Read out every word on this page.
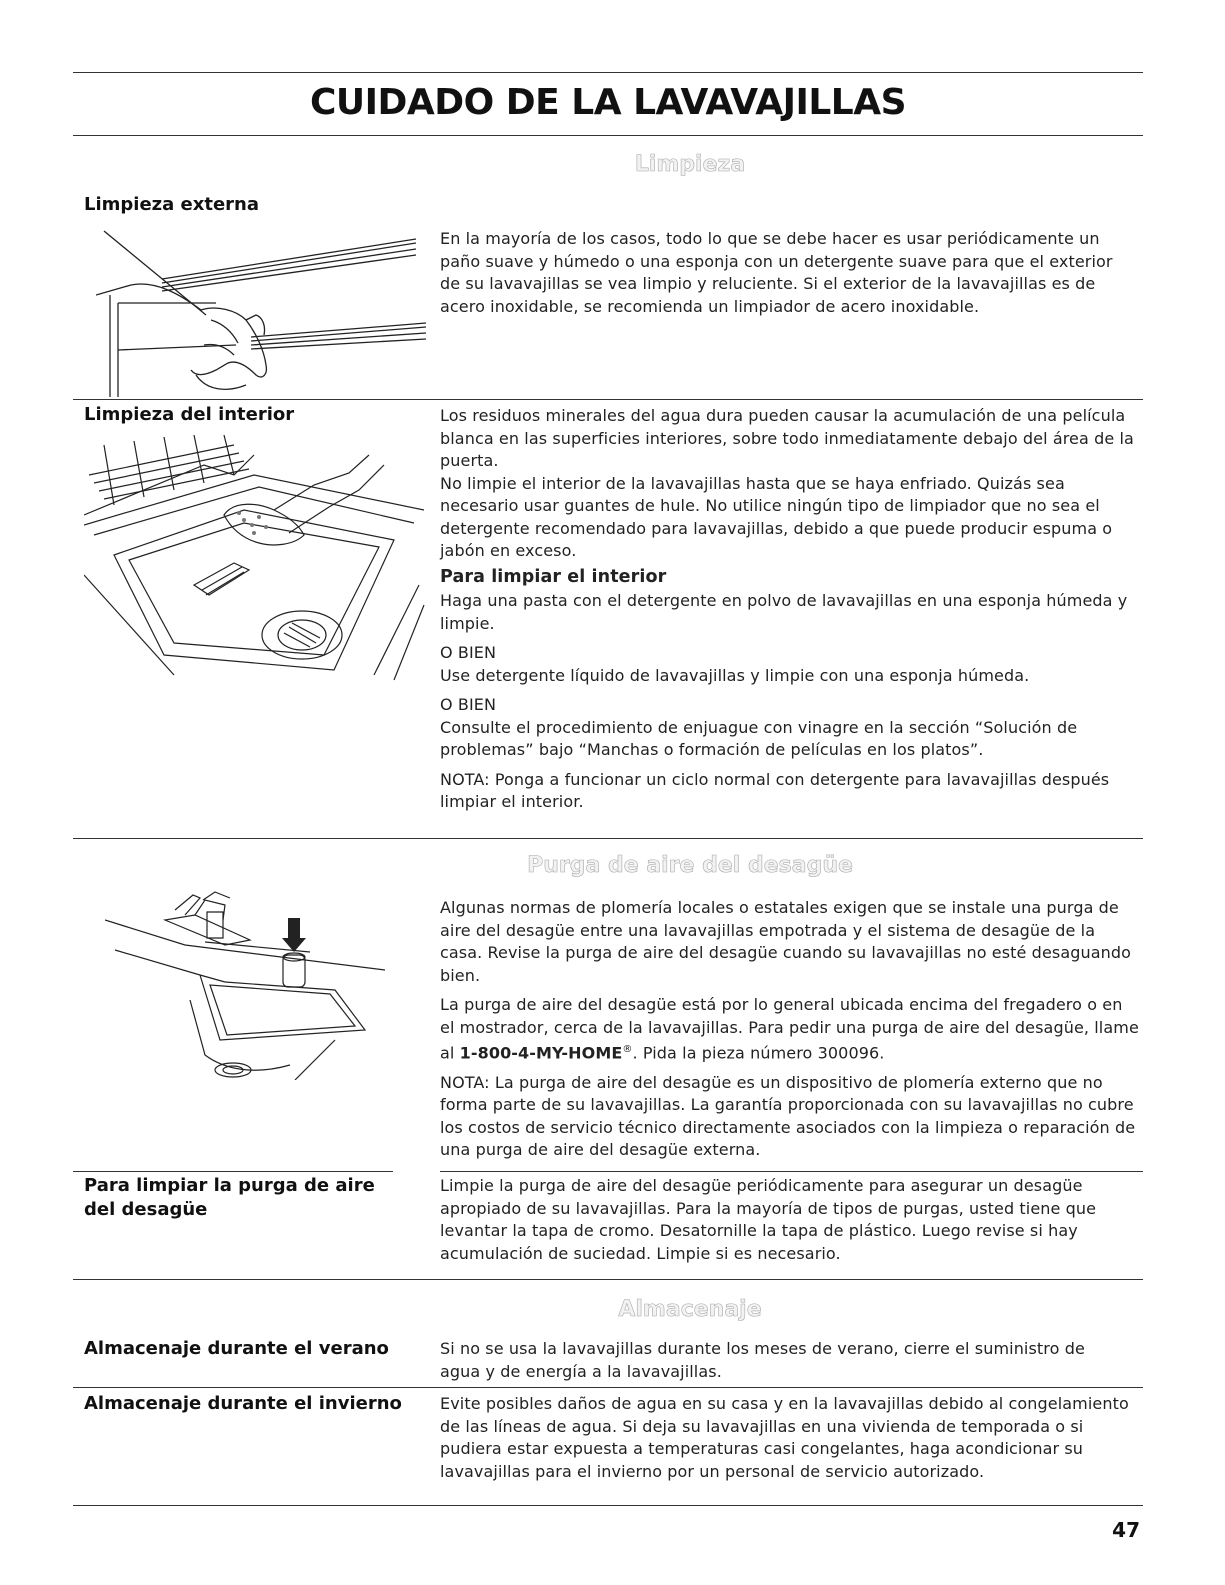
CUIDADO DE LA LAVAVAJILLAS
Limpieza
Limpieza externa
En la mayoría de los casos, todo lo que se debe hacer es usar periódicamente un paño suave y húmedo o una esponja con un detergente suave para que el exterior de su lavavajillas se vea limpio y reluciente. Si el exterior de la lavavajillas es de acero inoxidable, se recomienda un limpiador de acero inoxidable.
Limpieza del interior	Los residuos minerales del agua dura pueden causar la acumulación de una película blanca en las superficies interiores, sobre todo inmediatamente debajo del área de la puerta.

No limpie el interior de la lavavajillas hasta que se haya enfriado. Quizás sea necesario usar guantes de hule. No utilice ningún tipo de limpiador que no sea el detergente recomendado para lavavajillas, debido a que puede producir espuma o jabón en exceso.

Para limpiar el interior

Haga una pasta con el detergente en polvo de lavavajillas en una esponja húmeda y limpie.

O BIEN

Use detergente líquido de lavavajillas y limpie con una esponja húmeda.

O BIEN

Consulte el procedimiento de enjuague con vinagre en la sección “Solución de problemas” bajo “Manchas o formación de películas en los platos”.

NOTA: Ponga a funcionar un ciclo normal con detergente para lavavajillas después limpiar el interior.

Purga de aire del desagüe

Algunas normas de plomería locales o estatales exigen que se instale una purga de aire del desagüe entre una lavavajillas empotrada y el sistema de desagüe de la casa. Revise la purga de aire del desagüe cuando su lavavajillas no esté desaguando bien.

La purga de aire del desagüe está por lo general ubicada encima del fregadero o en el mostrador, cerca de la lavavajillas. Para pedir una purga de aire del desagüe, llame al 1-800-4-MY-HOME®. Pida la pieza número 300096.

NOTA: La purga de aire del desagüe es un dispositivo de plomería externo que no forma parte de su lavavajillas. La garantía proporcionada con su lavavajillas no cubre los costos de servicio técnico directamente asociados con la limpieza o reparación de una purga de aire del desagüe externa.

Para limpiar la purga de aire del desagüe
Limpie la purga de aire del desagüe periódicamente para asegurar un desagüe apropiado de su lavavajillas. Para la mayoría de tipos de purgas, usted tiene que levantar la tapa de cromo. Desatornille la tapa de plástico. Luego revise si hay acumulación de suciedad. Limpie si es necesario.
Almacenaje
Almacenaje durante el verano	Si no se usa la lavavajillas durante los meses de verano, cierre el suministro de agua y de energía a la lavavajillas.
Almacenaje durante el invierno Evite posibles daños de agua en su casa y en la lavavajillas debido al congelamiento de las líneas de agua. Si deja su lavavajillas en una vivienda de temporada o si pudiera estar expuesta a temperaturas casi congelantes, haga acondicionar su lavavajillas para el invierno por un personal de servicio autorizado.
47
